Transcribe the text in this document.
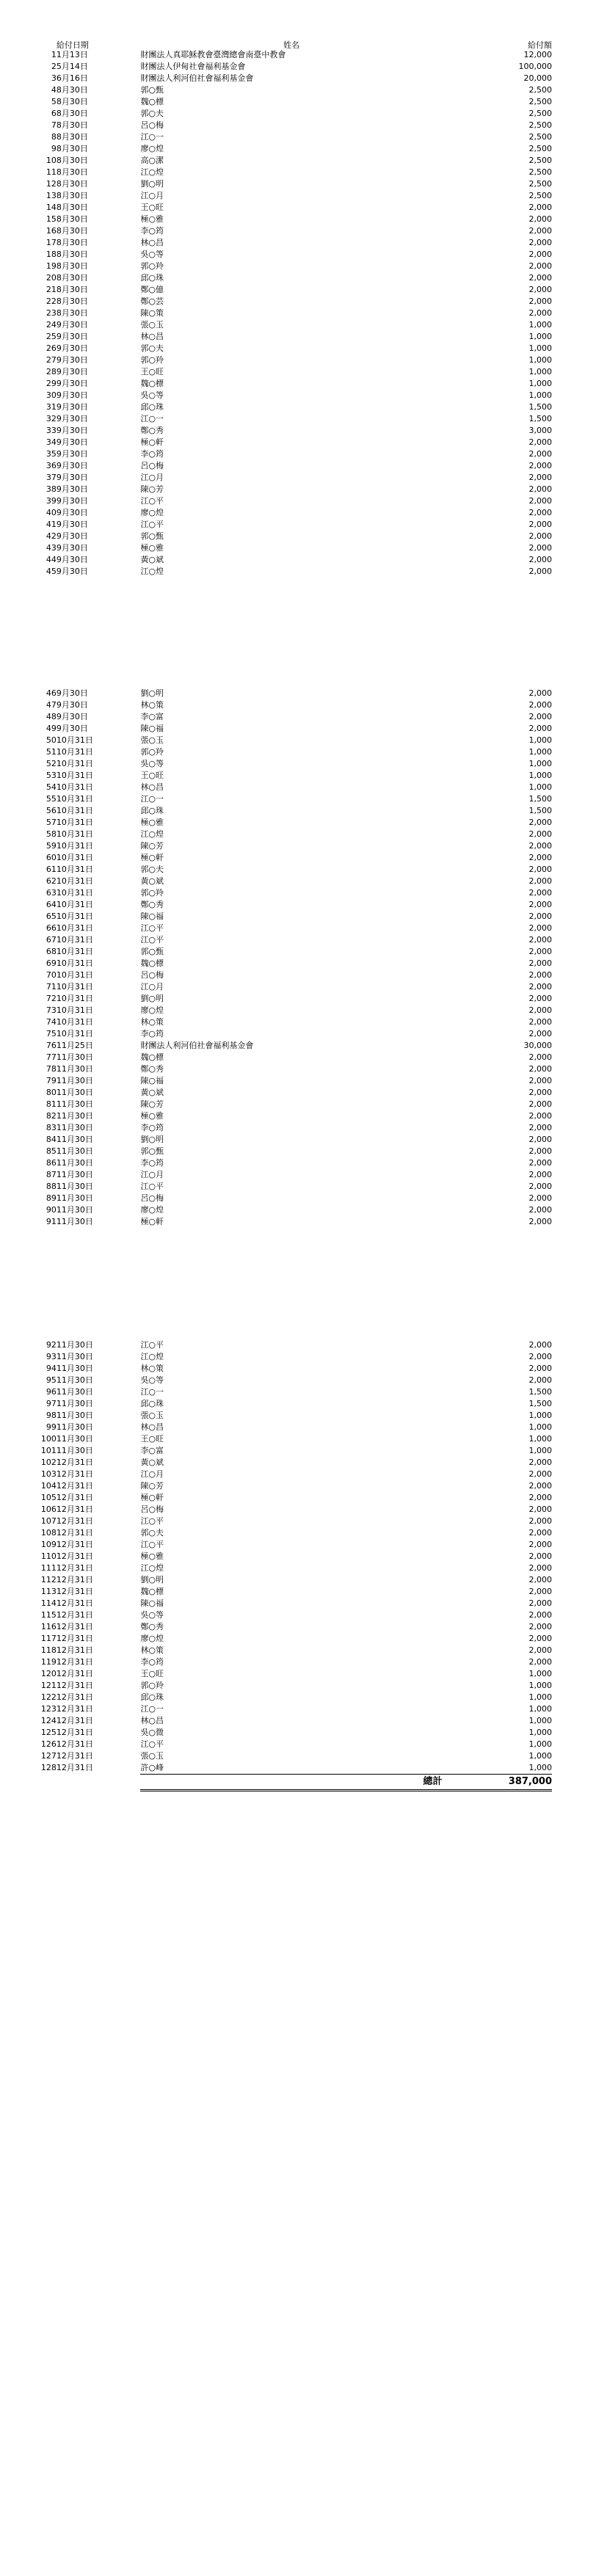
	給付日期	姓名	給付額
1	1月13日	財團法人真耶穌教會臺灣總會南臺中教會	12,000
2	5月14日	財團法人伊甸社會福利基金會	100,000
3	6月16日	財團法人利河伯社會福利基金會	20,000
4	8月30日	郭○甄	2,500
5	8月30日	魏○標	2,500
6	8月30日	郭○夫	2,500
7	8月30日	呂○梅	2,500
8	8月30日	江○一	2,500
9	8月30日	廖○煌	2,500
10	8月30日	高○潔	2,500
11	8月30日	江○煌	2,500
12	8月30日	劉○明	2,500
13	8月30日	江○月	2,500
14	8月30日	王○旺	2,000
15	8月30日	極○雅	2,000
16	8月30日	李○筠	2,000
17	8月30日	林○昌	2,000
18	8月30日	吳○等	2,000
19	8月30日	郭○羚	2,000
20	8月30日	邱○珠	2,000
21	8月30日	鄭○億	2,000
22	8月30日	鄭○芸	2,000
23	8月30日	陳○策	2,000
24	9月30日	張○玉	1,000
25	9月30日	林○昌	1,000
26	9月30日	郭○夫	1,000
27	9月30日	郭○羚	1,000
28	9月30日	王○旺	1,000
29	9月30日	魏○標	1,000
30	9月30日	吳○等	1,000
31	9月30日	邱○珠	1,500
32	9月30日	江○一	1,500
33	9月30日	鄭○秀	3,000
34	9月30日	極○軒	2,000
35	9月30日	李○筠	2,000
36	9月30日	呂○梅	2,000
37	9月30日	江○月	2,000
38	9月30日	陳○芳	2,000
39	9月30日	江○平	2,000
40	9月30日	廖○煌	2,000
41	9月30日	江○平	2,000
42	9月30日	郭○甄	2,000
43	9月30日	極○雅	2,000
44	9月30日	黃○斌	2,000
45	9月30日	江○煌	2,000

46	9月30日	劉○明	2,000
47	9月30日	林○策	2,000
48	9月30日	李○富	2,000
49	9月30日	陳○福	2,000
50	10月31日	張○玉	1,000
51	10月31日	郭○羚	1,000
52	10月31日	吳○等	1,000
53	10月31日	王○旺	1,000
54	10月31日	林○昌	1,000
55	10月31日	江○一	1,500
56	10月31日	邱○珠	1,500
57	10月31日	極○雅	2,000
58	10月31日	江○煌	2,000
59	10月31日	陳○芳	2,000
60	10月31日	極○軒	2,000
61	10月31日	郭○夫	2,000
62	10月31日	黃○斌	2,000
63	10月31日	郭○羚	2,000
64	10月31日	鄭○秀	2,000
65	10月31日	陳○福	2,000
66	10月31日	江○平	2,000
67	10月31日	江○平	2,000
68	10月31日	郭○甄	2,000
69	10月31日	魏○標	2,000
70	10月31日	呂○梅	2,000
71	10月31日	江○月	2,000
72	10月31日	劉○明	2,000
73	10月31日	廖○煌	2,000
74	10月31日	林○策	2,000
75	10月31日	李○筠	2,000
76	11月25日	財團法人利河伯社會福利基金會	30,000
77	11月30日	魏○標	2,000
78	11月30日	鄭○秀	2,000
79	11月30日	陳○福	2,000
80	11月30日	黃○斌	2,000
81	11月30日	陳○芳	2,000
82	11月30日	極○雅	2,000
83	11月30日	李○筠	2,000
84	11月30日	劉○明	2,000
85	11月30日	郭○甄	2,000
86	11月30日	李○筠	2,000
87	11月30日	江○月	2,000
88	11月30日	江○平	2,000
89	11月30日	呂○梅	2,000
90	11月30日	廖○煌	2,000
91	11月30日	極○軒	2,000

92	11月30日	江○平	2,000
93	11月30日	江○煌	2,000
94	11月30日	林○策	2,000
95	11月30日	吳○等	2,000
96	11月30日	江○一	1,500
97	11月30日	邱○珠	1,500
98	11月30日	張○玉	1,000
99	11月30日	林○昌	1,000
100	11月30日	王○旺	1,000
101	11月30日	李○富	1,000
102	12月31日	黃○斌	2,000
103	12月31日	江○月	2,000
104	12月31日	陳○芳	2,000
105	12月31日	極○軒	2,000
106	12月31日	呂○梅	2,000
107	12月31日	江○平	2,000
108	12月31日	郭○夫	2,000
109	12月31日	江○平	2,000
110	12月31日	極○雅	2,000
111	12月31日	江○煌	2,000
112	12月31日	劉○明	2,000
113	12月31日	魏○標	2,000
114	12月31日	陳○福	2,000
115	12月31日	吳○等	2,000
116	12月31日	鄭○秀	2,000
117	12月31日	廖○煌	2,000
118	12月31日	林○策	2,000
119	12月31日	李○筠	2,000
120	12月31日	王○旺	1,000
121	12月31日	郭○羚	1,000
122	12月31日	邱○珠	1,000
123	12月31日	江○一	1,000
124	12月31日	林○昌	1,000
125	12月31日	吳○微	1,000
126	12月31日	江○平	1,000
127	12月31日	張○玉	1,000
128	12月31日	許○峰	1,000
		總計	387,000
